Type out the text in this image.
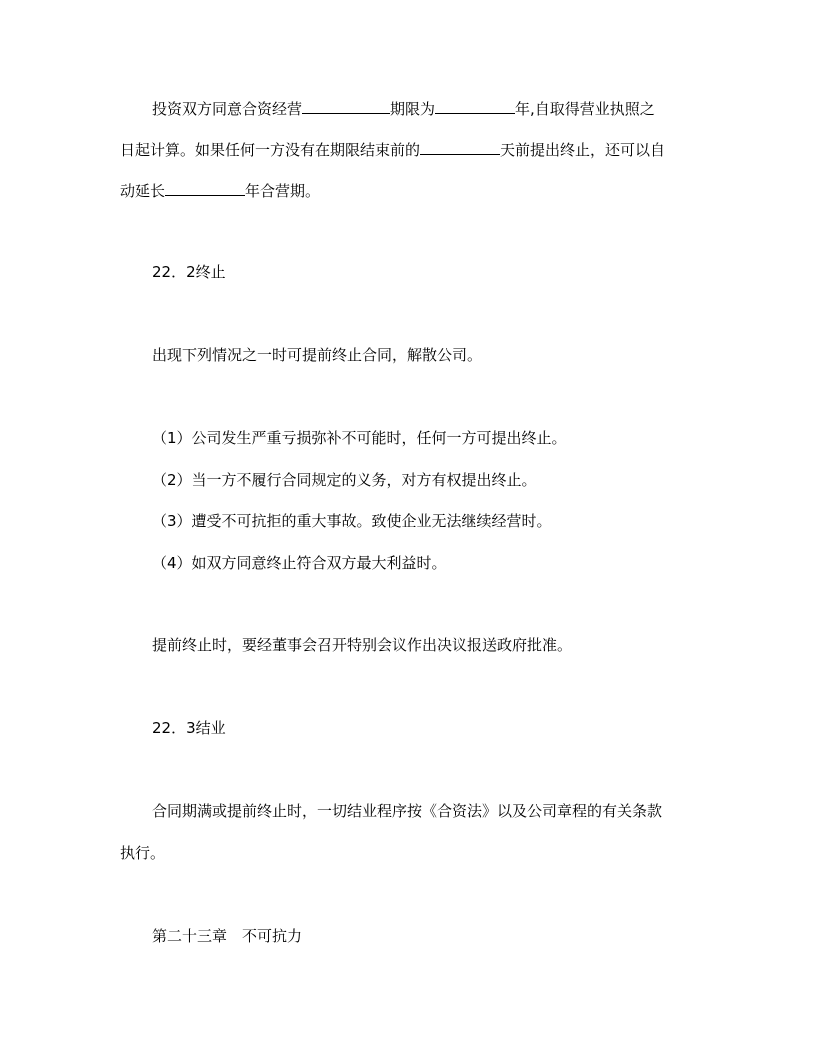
投资双方同意合资经营	期限为	年,自取得营业执照之
日起计算。如果任何一方没有在期限结束前的	天前提出终止，还可以自
动延长	年合营期。
22．2终止
出现下列情况之一时可提前终止合同，解散公司。
（1）公司发生严重亏损弥补不可能时，任何一方可提出终止。
（2）当一方不履行合同规定的义务，对方有权提出终止。
（3）遭受不可抗拒的重大事故。致使企业无法继续经营时。
（4）如双方同意终止符合双方最大利益时。
提前终止时，要经董事会召开特别会议作出决议报送政府批准。
22．3结业
合同期满或提前终止时，一切结业程序按《合资法》以及公司章程的有关条款
执行。
第二十三章　不可抗力
